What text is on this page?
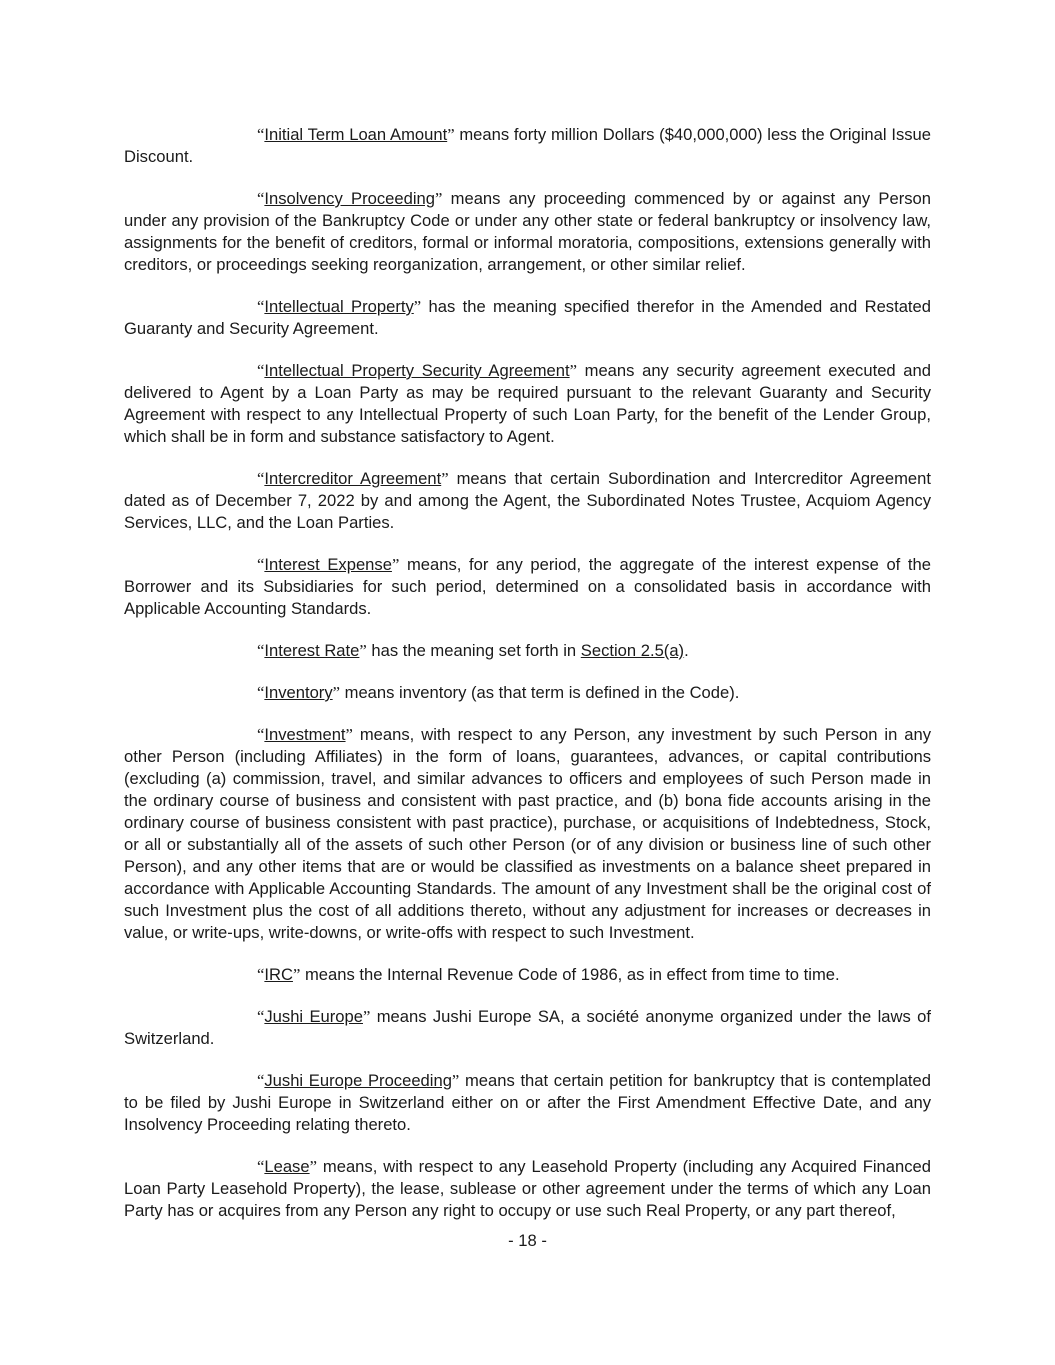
“Initial Term Loan Amount” means forty million Dollars ($40,000,000) less the Original Issue Discount.

“Insolvency Proceeding” means any proceeding commenced by or against any Person under any provision of the Bankruptcy Code or under any other state or federal bankruptcy or insolvency law, assignments for the benefit of creditors, formal or informal moratoria, compositions, extensions generally with creditors, or proceedings seeking reorganization, arrangement, or other similar relief.

“Intellectual Property” has the meaning specified therefor in the Amended and Restated Guaranty and Security Agreement.

“Intellectual Property Security Agreement” means any security agreement executed and delivered to Agent by a Loan Party as may be required pursuant to the relevant Guaranty and Security Agreement with respect to any Intellectual Property of such Loan Party, for the benefit of the Lender Group, which shall be in form and substance satisfactory to Agent.

“Intercreditor Agreement” means that certain Subordination and Intercreditor Agreement dated as of December 7, 2022 by and among the Agent, the Subordinated Notes Trustee, Acquiom Agency Services, LLC, and the Loan Parties.

“Interest Expense” means, for any period, the aggregate of the interest expense of the Borrower and its Subsidiaries for such period, determined on a consolidated basis in accordance with Applicable Accounting Standards.

“Interest Rate” has the meaning set forth in Section 2.5(a).

“Inventory” means inventory (as that term is defined in the Code).

“Investment” means, with respect to any Person, any investment by such Person in any other Person (including Affiliates) in the form of loans, guarantees, advances, or capital contributions (excluding (a) commission, travel, and similar advances to officers and employees of such Person made in the ordinary course of business and consistent with past practice, and (b) bona fide accounts arising in the ordinary course of business consistent with past practice), purchase, or acquisitions of Indebtedness, Stock, or all or substantially all of the assets of such other Person (or of any division or business line of such other Person), and any other items that are or would be classified as investments on a balance sheet prepared in accordance with Applicable Accounting Standards. The amount of any Investment shall be the original cost of such Investment plus the cost of all additions thereto, without any adjustment for increases or decreases in value, or write-ups, write-downs, or write-offs with respect to such Investment.

“IRC” means the Internal Revenue Code of 1986, as in effect from time to time.

“Jushi Europe” means Jushi Europe SA, a société anonyme organized under the laws of Switzerland.

“Jushi Europe Proceeding” means that certain petition for bankruptcy that is contemplated to be filed by Jushi Europe in Switzerland either on or after the First Amendment Effective Date, and any Insolvency Proceeding relating thereto.

“Lease” means, with respect to any Leasehold Property (including any Acquired Financed Loan Party Leasehold Property), the lease, sublease or other agreement under the terms of which any Loan Party has or acquires from any Person any right to occupy or use such Real Property, or any part thereof,

- 18 -
